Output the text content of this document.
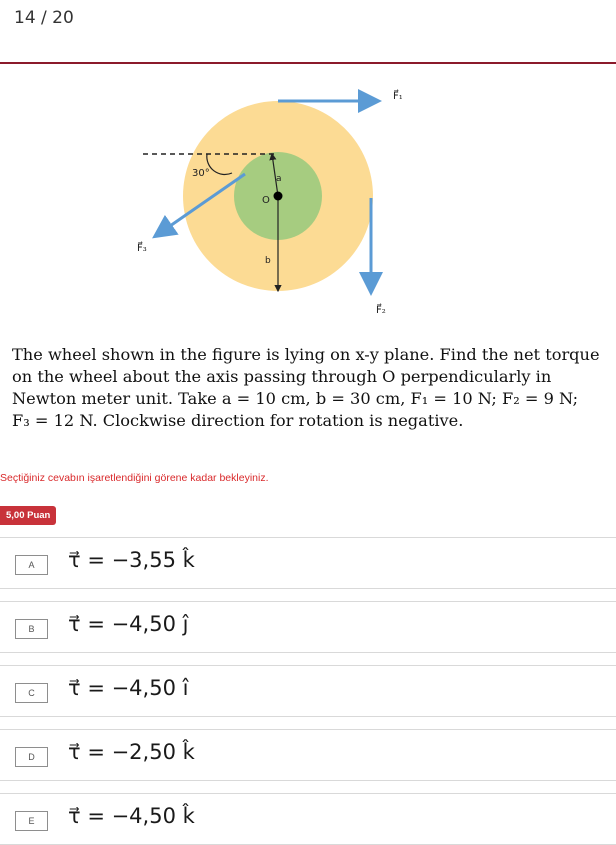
14 / 20
30°	a
b
O
F⃗₁
F⃗₂
F⃗₃

The wheel shown in the figure is lying on x-y plane. Find the net torque

on the wheel about the axis passing through O perpendicularly in

Newton meter unit. Take a = 10 cm, b = 30 cm, F₁ = 10 N; F₂ = 9 N;

F₃ = 12 N. Clockwise direction for rotation is negative.

Seçtiğiniz cevabın işaretlendiğini görene kadar bekleyiniz.
5,00 Puan
A	τ⃗ = −3,55 k̂
B	τ⃗ = −4,50 ĵ
C	τ⃗ = −4,50 î
D	τ⃗ = −2,50 k̂
E	τ⃗ = −4,50 k̂
